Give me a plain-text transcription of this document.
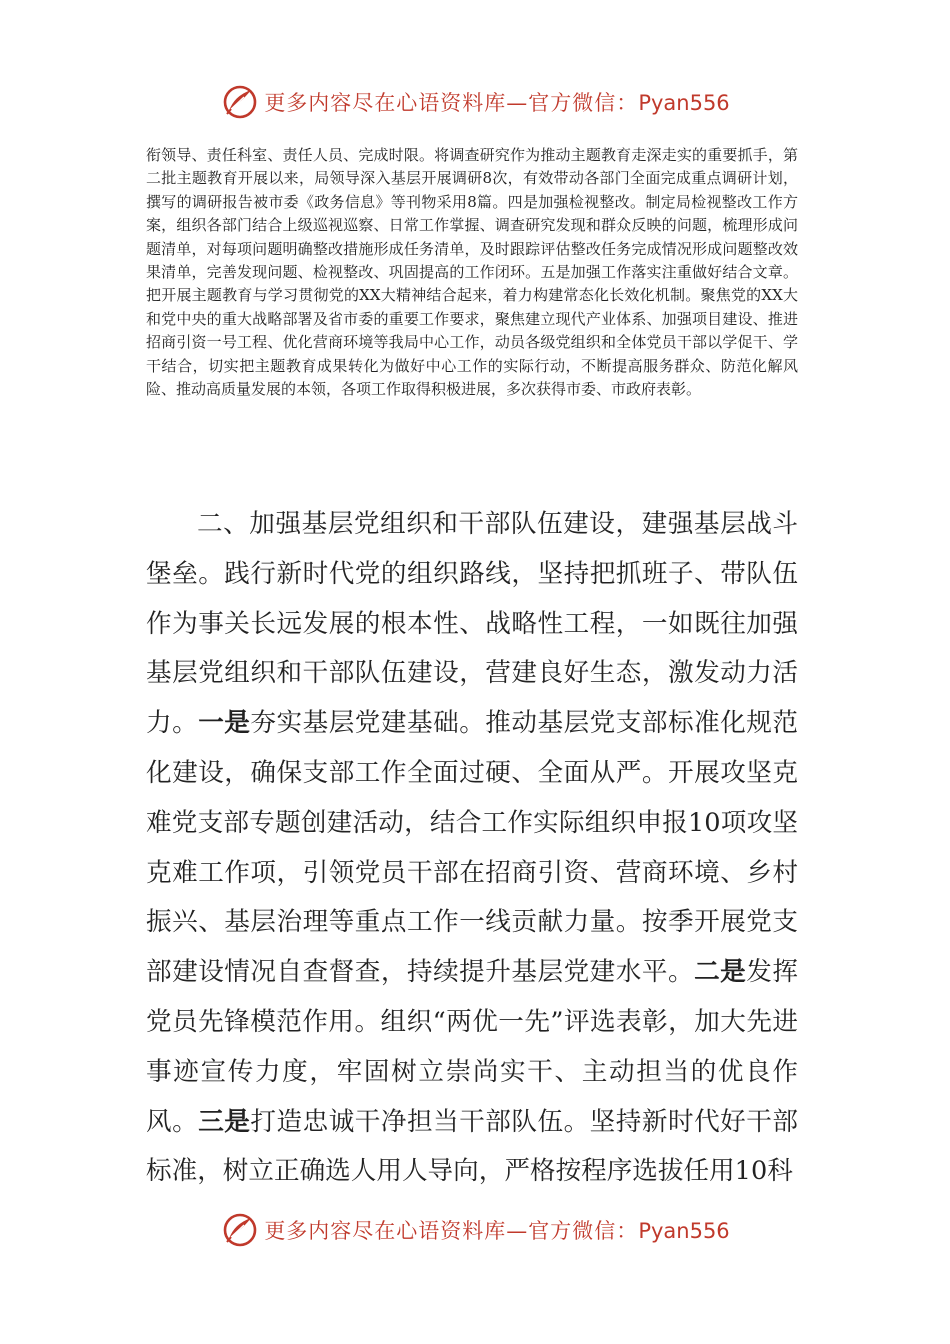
更多内容尽在心语资料库—官方微信：Pyan556

衔领导、责任科室、责任人员、完成时限。将调查研究作为推动主题教育走深走实的重要抓手，第二批主题教育开展以来，局领导深入基层开展调研8次，有效带动各部门全面完成重点调研计划，撰写的调研报告被市委《政务信息》等刊物采用8篇。四是加强检视整改。制定局检视整改工作方案，组织各部门结合上级巡视巡察、日常工作掌握、调查研究发现和群众反映的问题，梳理形成问题清单，对每项问题明确整改措施形成任务清单，及时跟踪评估整改任务完成情况形成问题整改效果清单，完善发现问题、检视整改、巩固提高的工作闭环。五是加强工作落实注重做好结合文章。把开展主题教育与学习贯彻党的XX大精神结合起来，着力构建常态化长效化机制。聚焦党的XX大和党中央的重大战略部署及省市委的重要工作要求，聚焦建立现代产业体系、加强项目建设、推进招商引资一号工程、优化营商环境等我局中心工作，动员各级党组织和全体党员干部以学促干、学干结合，切实把主题教育成果转化为做好中心工作的实际行动，不断提高服务群众、防范化解风险、推动高质量发展的本领，各项工作取得积极进展，多次获得市委、市政府表彰。

二、加强基层党组织和干部队伍建设，建强基层战斗堡垒。践行新时代党的组织路线，坚持把抓班子、带队伍作为事关长远发展的根本性、战略性工程，一如既往加强基层党组织和干部队伍建设，营建良好生态，激发动力活力。一是夯实基层党建基础。推动基层党支部标准化规范化建设，确保支部工作全面过硬、全面从严。开展攻坚克难党支部专题创建活动，结合工作实际组织申报10项攻坚克难工作项，引领党员干部在招商引资、营商环境、乡村振兴、基层治理等重点工作一线贡献力量。按季开展党支部建设情况自查督查，持续提升基层党建水平。二是发挥党员先锋模范作用。组织“两优一先”评选表彰，加大先进事迹宣传力度，牢固树立崇尚实干、主动担当的优良作风。三是打造忠诚干净担当干部队伍。坚持新时代好干部标准，树立正确选人用人导向，严格按程序选拔任用10科

更多内容尽在心语资料库—官方微信：Pyan556
